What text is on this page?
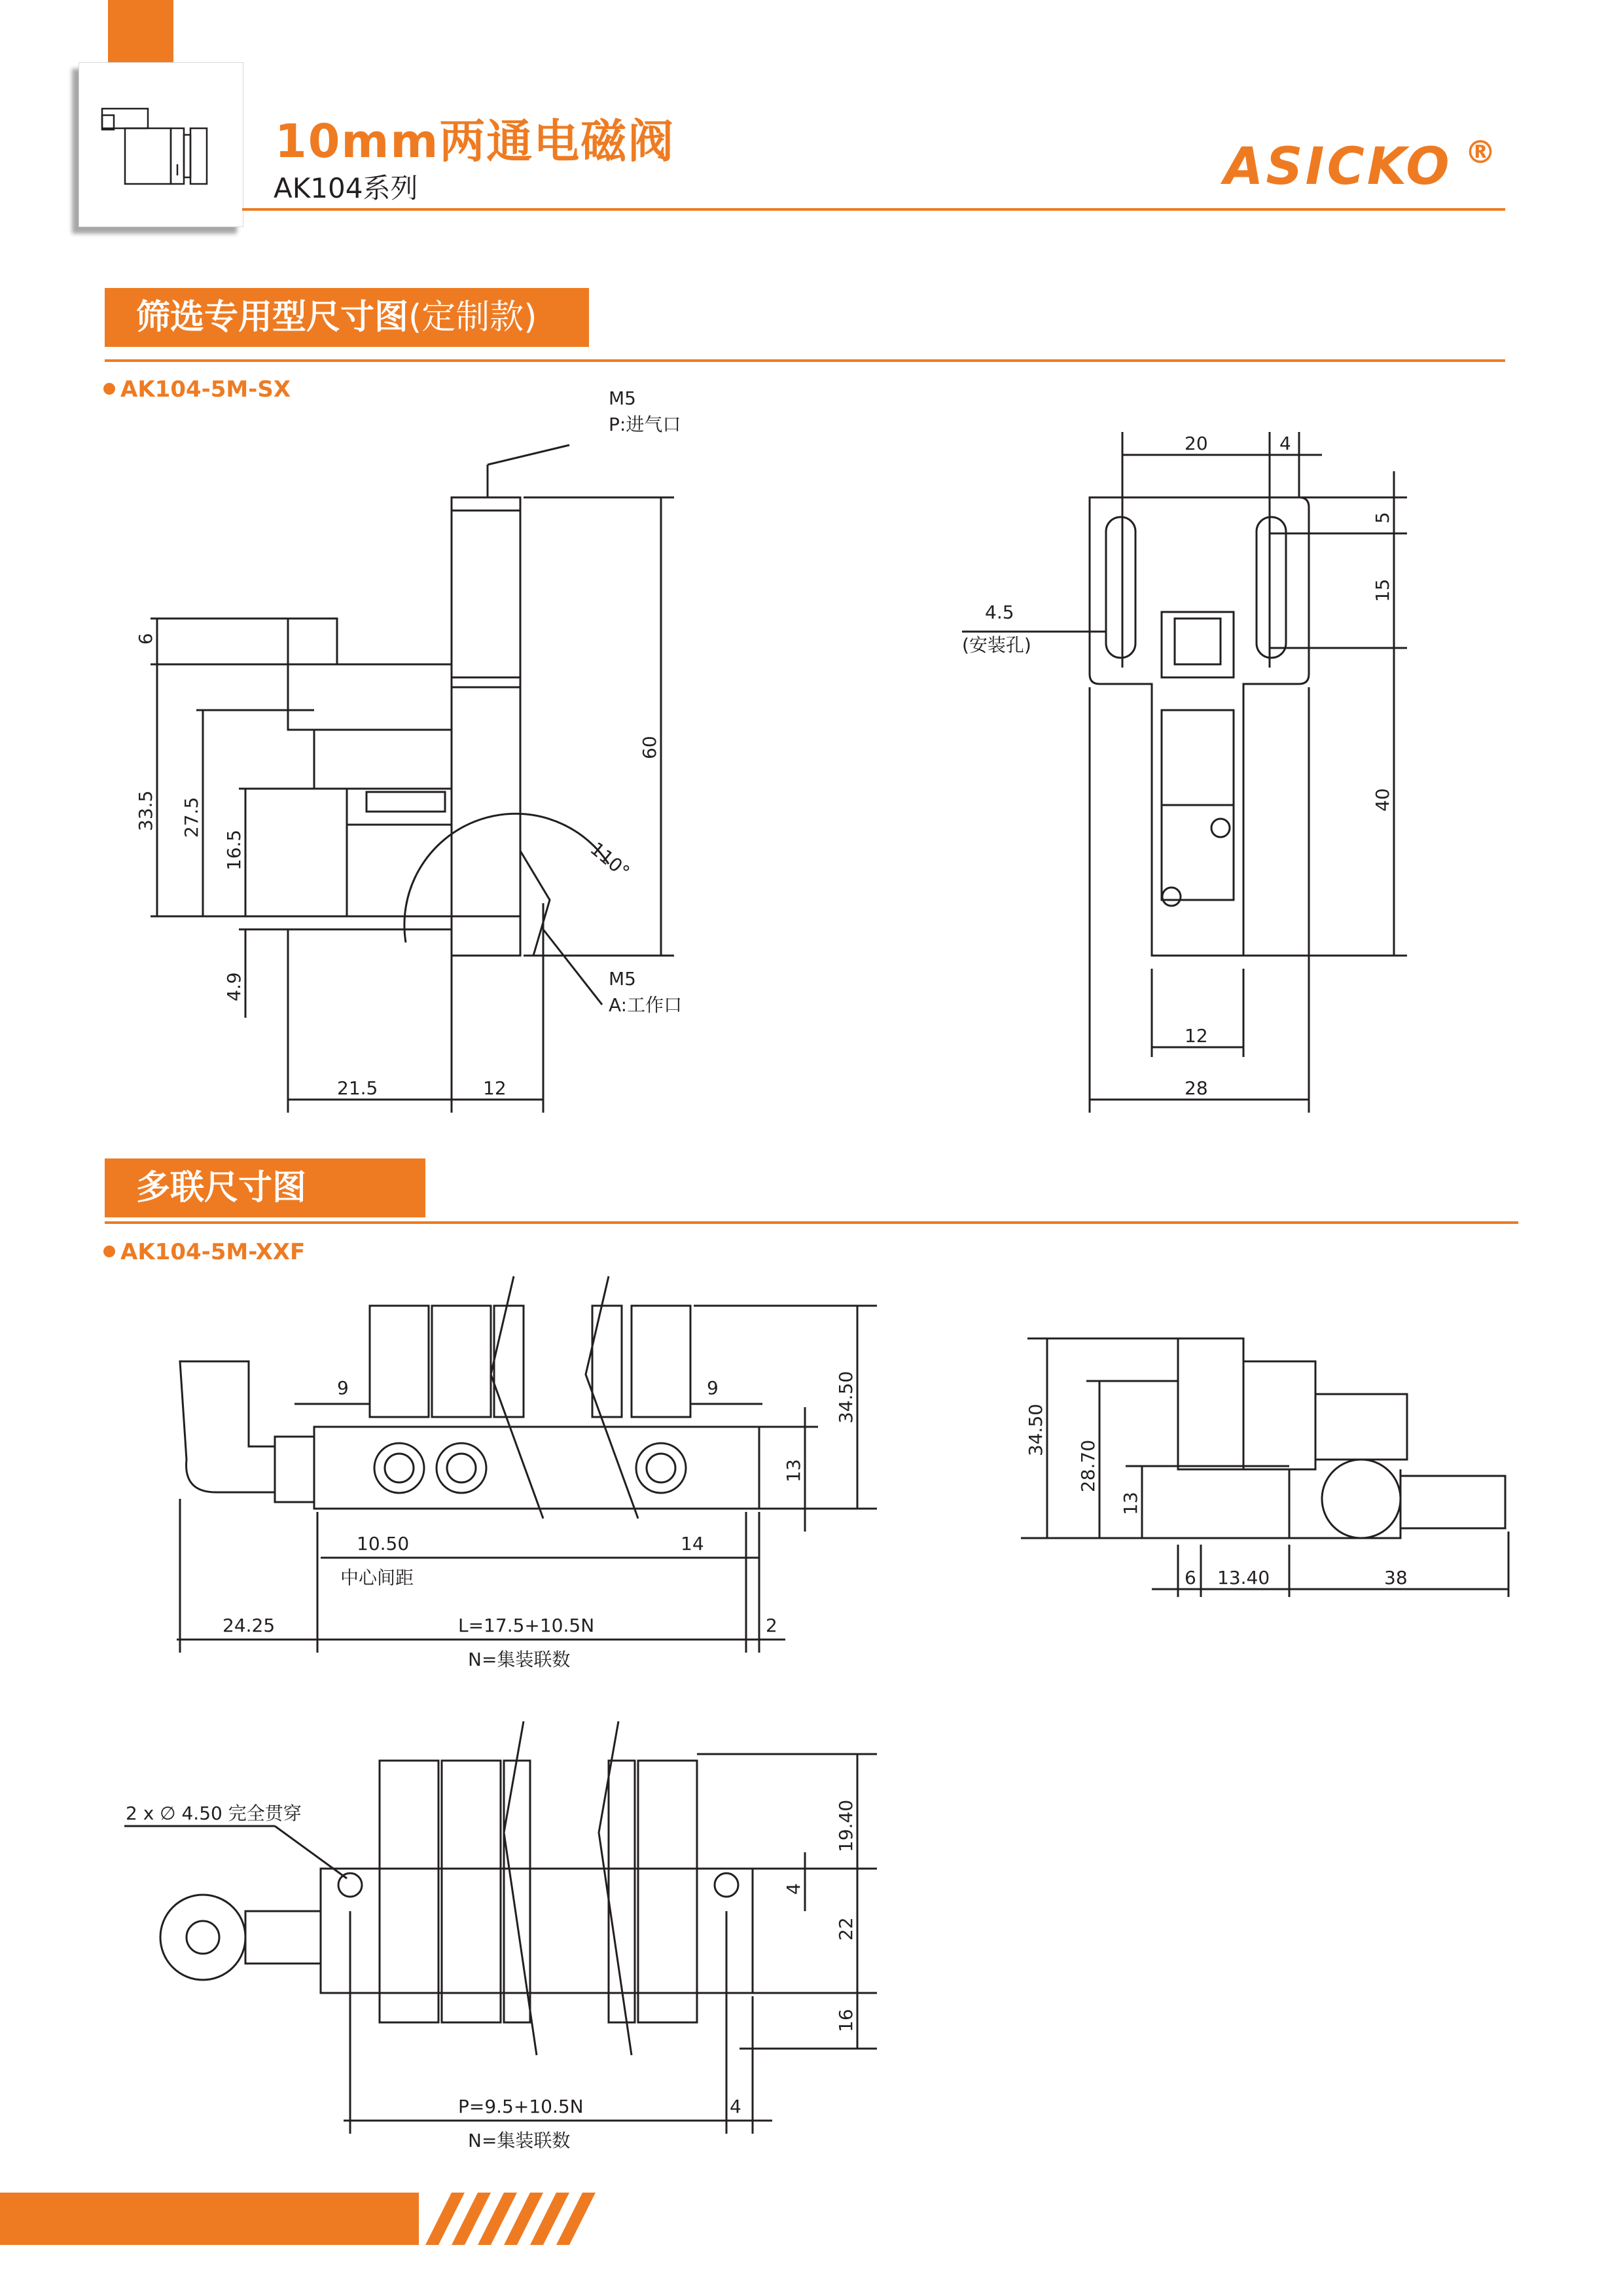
10mm两通电磁阀
AK104系列	ASICKO ®
筛选专用型尺寸图(定制款)
AK104-5M-SX	M5
P:进气口
M5
A:工作口
110°
6
33.5 27.5
16.5
4.9
60
21.5	12
4.5
(安装孔)
20	4
5
15
40
12
28
多联尺寸图
AK104-5M-XXF
9	9
13
34.50
10.50	14
中心间距
24.25	L=17.5+10.5N	2
N=集装联数
34.50
28.70
13
6 13.40	38
2 x ∅ 4.50 完全贯穿	19.40
4
22
16
P=9.5+10.5N	4
N=集装联数
